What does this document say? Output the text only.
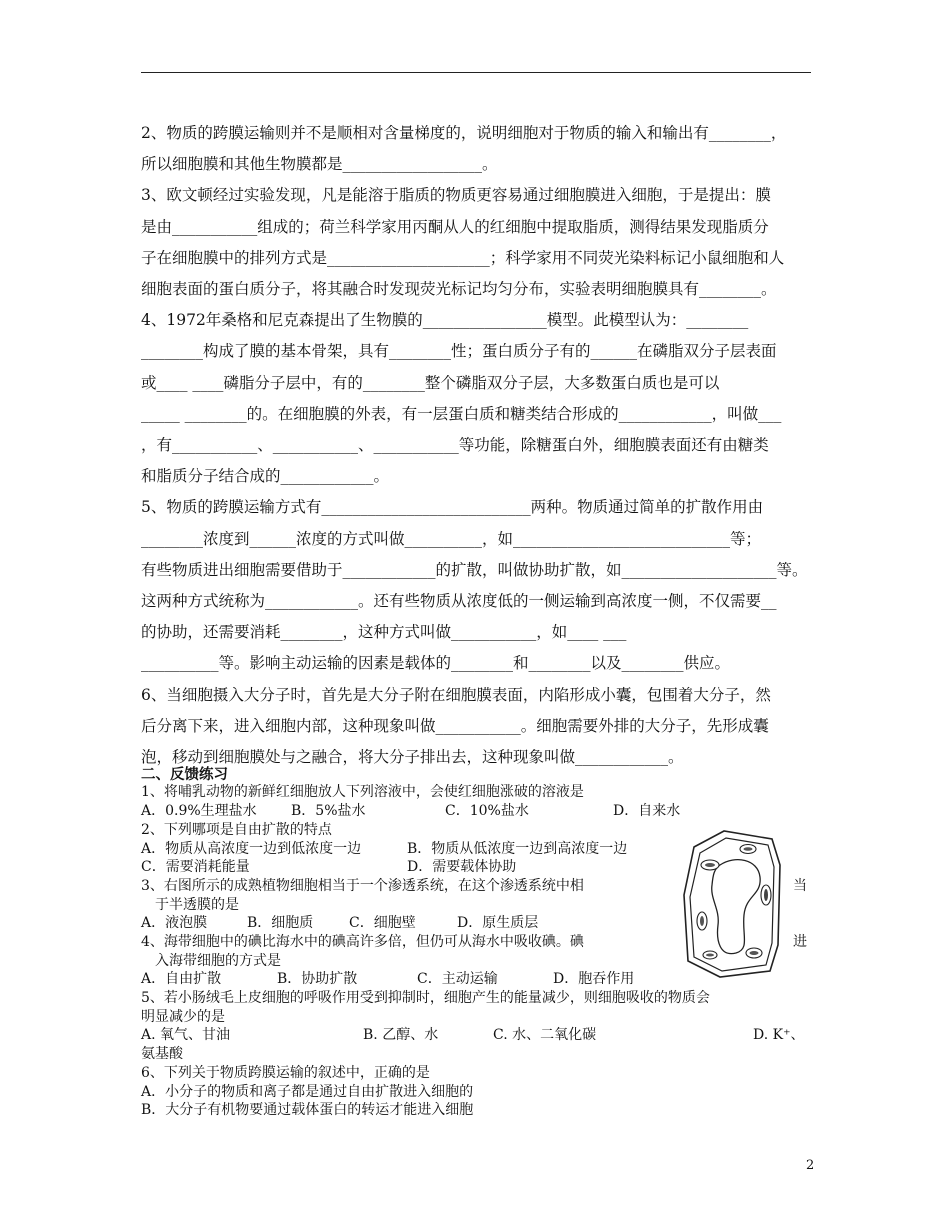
2、物质的跨膜运输则并不是顺相对含量梯度的，说明细胞对于物质的输入和输出有________，
所以细胞膜和其他生物膜都是__________________。
3、欧文顿经过实验发现，凡是能溶于脂质的物质更容易通过细胞膜进入细胞，于是提出：膜
是由___________组成的；荷兰科学家用丙酮从人的红细胞中提取脂质，测得结果发现脂质分
子在细胞膜中的排列方式是_____________________；科学家用不同荧光染料标记小鼠细胞和人
细胞表面的蛋白质分子，将其融合时发现荧光标记均匀分布，实验表明细胞膜具有________。
4、1972年桑格和尼克森提出了生物膜的________________模型。此模型认为：________
________构成了膜的基本骨架，具有________性；蛋白质分子有的______在磷脂双分子层表面
或____ ____磷脂分子层中，有的________整个磷脂双分子层，大多数蛋白质也是可以
_____ ________的。在细胞膜的外表，有一层蛋白质和糖类结合形成的____________，叫做___
，有___________、___________、___________等功能，除糖蛋白外，细胞膜表面还有由糖类
和脂质分子结合成的____________。
5、物质的跨膜运输方式有___________________________两种。物质通过简单的扩散作用由
________浓度到______浓度的方式叫做__________，如____________________________等；
有些物质进出细胞需要借助于____________的扩散，叫做协助扩散，如____________________等。
这两种方式统称为____________。还有些物质从浓度低的一侧运输到高浓度一侧，不仅需要__
的协助，还需要消耗________，这种方式叫做___________，如____ ___
__________等。影响主动运输的因素是载体的________和________以及________供应。
6、当细胞摄入大分子时，首先是大分子附在细胞膜表面，内陷形成小囊，包围着大分子，然
后分离下来，进入细胞内部，这种现象叫做___________。细胞需要外排的大分子，先形成囊
泡，移动到细胞膜处与之融合，将大分子排出去，这种现象叫做____________。
二、反馈练习
1、将哺乳动物的新鲜红细胞放人下列溶液中，会使红细胞涨破的溶液是
A．0.9%生理盐水 B．5%盐水	C．10%盐水	D．自来水
2、下列哪项是自由扩散的特点
A．物质从高浓度一边到低浓度一边	B．物质从低浓度一边到高浓度一边
C．需要消耗能量	D．需要载体协助
3、右图所示的成熟植物细胞相当于一个渗透系统，在这个渗透系统中相	当
于半透膜的是
A．液泡膜	B．细胞质	C．细胞壁	D．原生质层
4、海带细胞中的碘比海水中的碘高许多倍，但仍可从海水中吸收碘。碘	进
入海带细胞的方式是
A．自由扩散	B．协助扩散	C．主动运输	D．胞吞作用
5、若小肠绒毛上皮细胞的呼吸作用受到抑制时，细胞产生的能量减少，则细胞吸收的物质会
明显减少的是
A. 氧气、甘油	B. 乙醇、水	C. 水、二氧化碳	D. K⁺、
氨基酸
6、下列关于物质跨膜运输的叙述中，正确的是
A．小分子的物质和离子都是通过自由扩散进入细胞的
B．大分子有机物要通过载体蛋白的转运才能进入细胞
2
